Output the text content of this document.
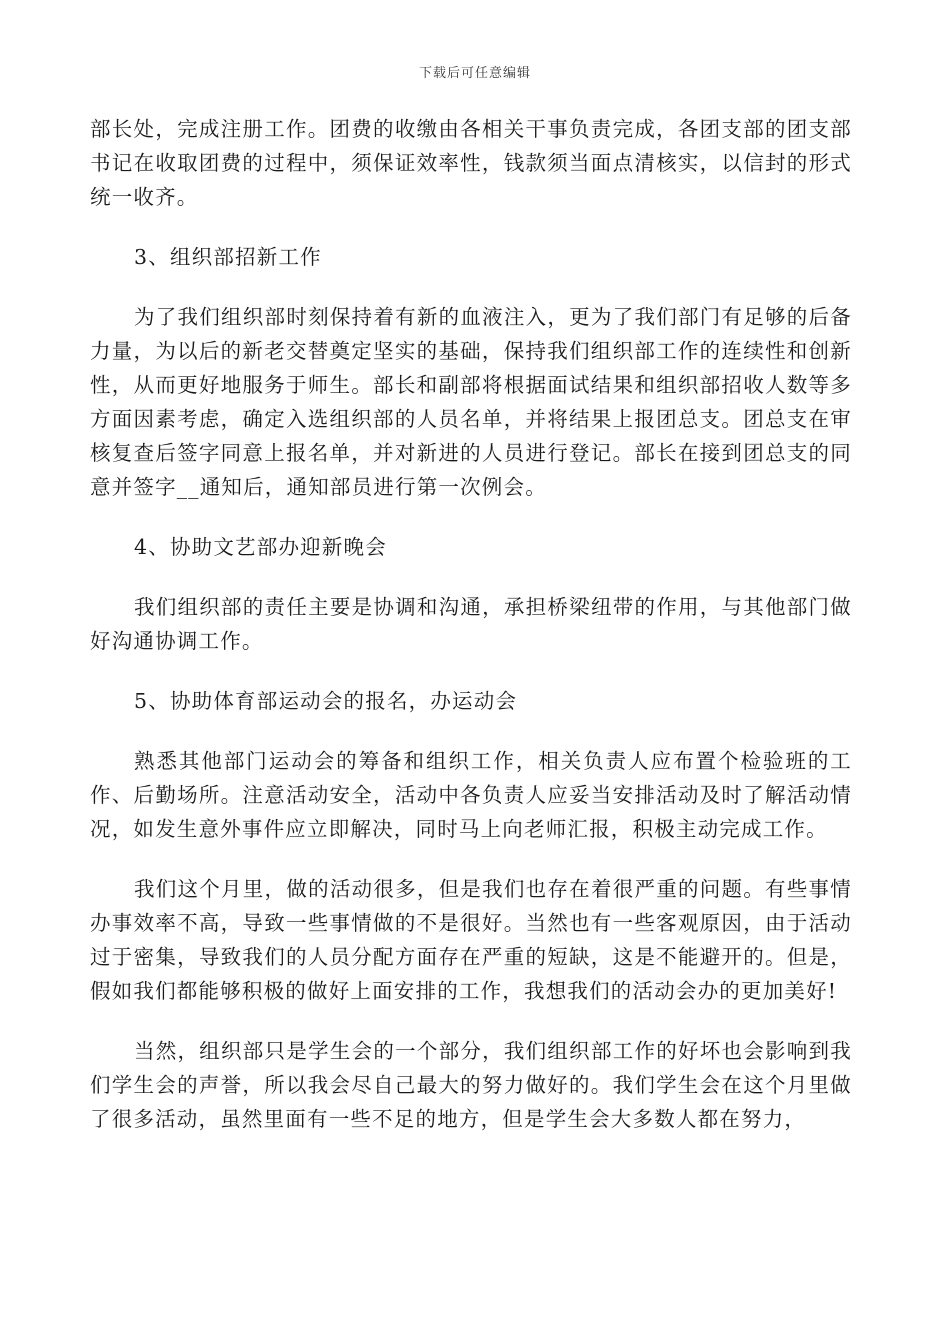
下载后可任意编辑

部长处，完成注册工作。团费的收缴由各相关干事负责完成，各团支部的团支部书记在收取团费的过程中，须保证效率性，钱款须当面点清核实，以信封的形式统一收齐。

3、组织部招新工作

为了我们组织部时刻保持着有新的血液注入，更为了我们部门有足够的后备力量，为以后的新老交替奠定坚实的基础，保持我们组织部工作的连续性和创新性，从而更好地服务于师生。部长和副部将根据面试结果和组织部招收人数等多方面因素考虑，确定入选组织部的人员名单，并将结果上报团总支。团总支在审核复查后签字同意上报名单，并对新进的人员进行登记。部长在接到团总支的同意并签字__通知后，通知部员进行第一次例会。

4、协助文艺部办迎新晚会

我们组织部的责任主要是协调和沟通，承担桥梁纽带的作用，与其他部门做好沟通协调工作。

5、协助体育部运动会的报名，办运动会

熟悉其他部门运动会的筹备和组织工作，相关负责人应布置个检验班的工作、后勤场所。注意活动安全，活动中各负责人应妥当安排活动及时了解活动情况，如发生意外事件应立即解决，同时马上向老师汇报，积极主动完成工作。

我们这个月里，做的活动很多，但是我们也存在着很严重的问题。有些事情办事效率不高，导致一些事情做的不是很好。当然也有一些客观原因，由于活动过于密集，导致我们的人员分配方面存在严重的短缺，这是不能避开的。但是，假如我们都能够积极的做好上面安排的工作，我想我们的活动会办的更加美好!

当然，组织部只是学生会的一个部分，我们组织部工作的好坏也会影响到我们学生会的声誉，所以我会尽自己最大的努力做好的。我们学生会在这个月里做了很多活动，虽然里面有一些不足的地方，但是学生会大多数人都在努力，
